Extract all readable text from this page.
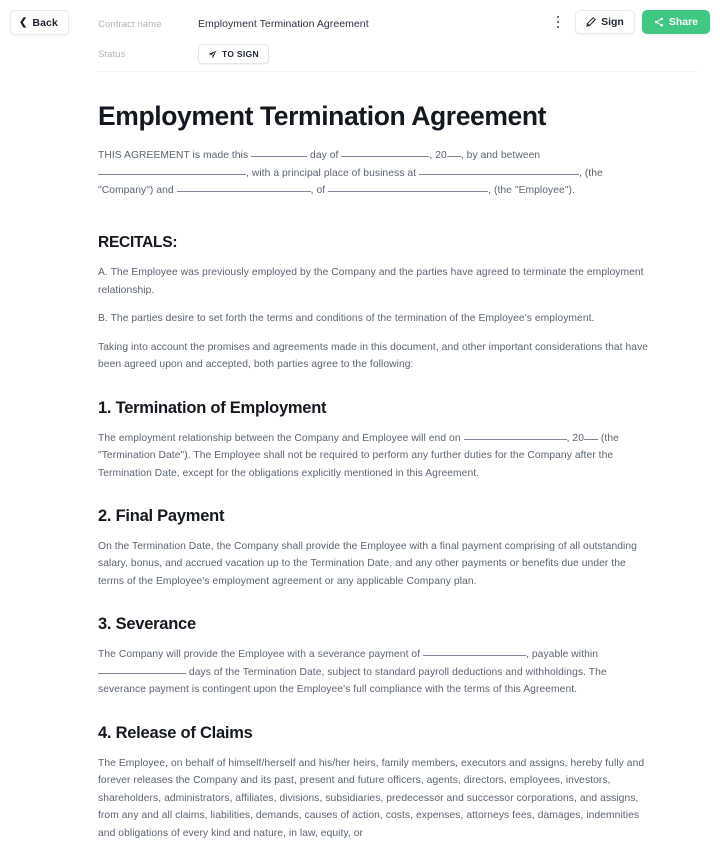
❮ Back	Contract name	Employment Termination Agreement
Status	TO SIGN
Sign	Share
Employment Termination Agreement

THIS AGREEMENT is made this	day of	, 20 , by and between , with a principal place of business at	, (the "Company") and	, of	, (the "Employee").

RECITALS:

A. The Employee was previously employed by the Company and the parties have agreed to terminate the employment relationship.

B. The parties desire to set forth the terms and conditions of the termination of the Employee's employment.

Taking into account the promises and agreements made in this document, and other important considerations that have been agreed upon and accepted, both parties agree to the following:

1. Termination of Employment

The employment relationship between the Company and Employee will end on	, 20 (the "Termination Date"). The Employee shall not be required to perform any further duties for the Company after the Termination Date, except for the obligations explicitly mentioned in this Agreement.

2. Final Payment

On the Termination Date, the Company shall provide the Employee with a final payment comprising of all outstanding salary, bonus, and accrued vacation up to the Termination Date, and any other payments or benefits due under the terms of the Employee's employment agreement or any applicable Company plan.

3. Severance

The Company will provide the Employee with a severance payment of	, payable within  days of the Termination Date, subject to standard payroll deductions and withholdings. The severance payment is contingent upon the Employee's full compliance with the terms of this Agreement.

4. Release of Claims

The Employee, on behalf of himself/herself and his/her heirs, family members, executors and assigns, hereby fully and forever releases the Company and its past, present and future officers, agents, directors, employees, investors, shareholders, administrators, affiliates, divisions, subsidiaries, predecessor and successor corporations, and assigns, from any and all claims, liabilities, demands, causes of action, costs, expenses, attorneys fees, damages, indemnities and obligations of every kind and nature, in law, equity, or
